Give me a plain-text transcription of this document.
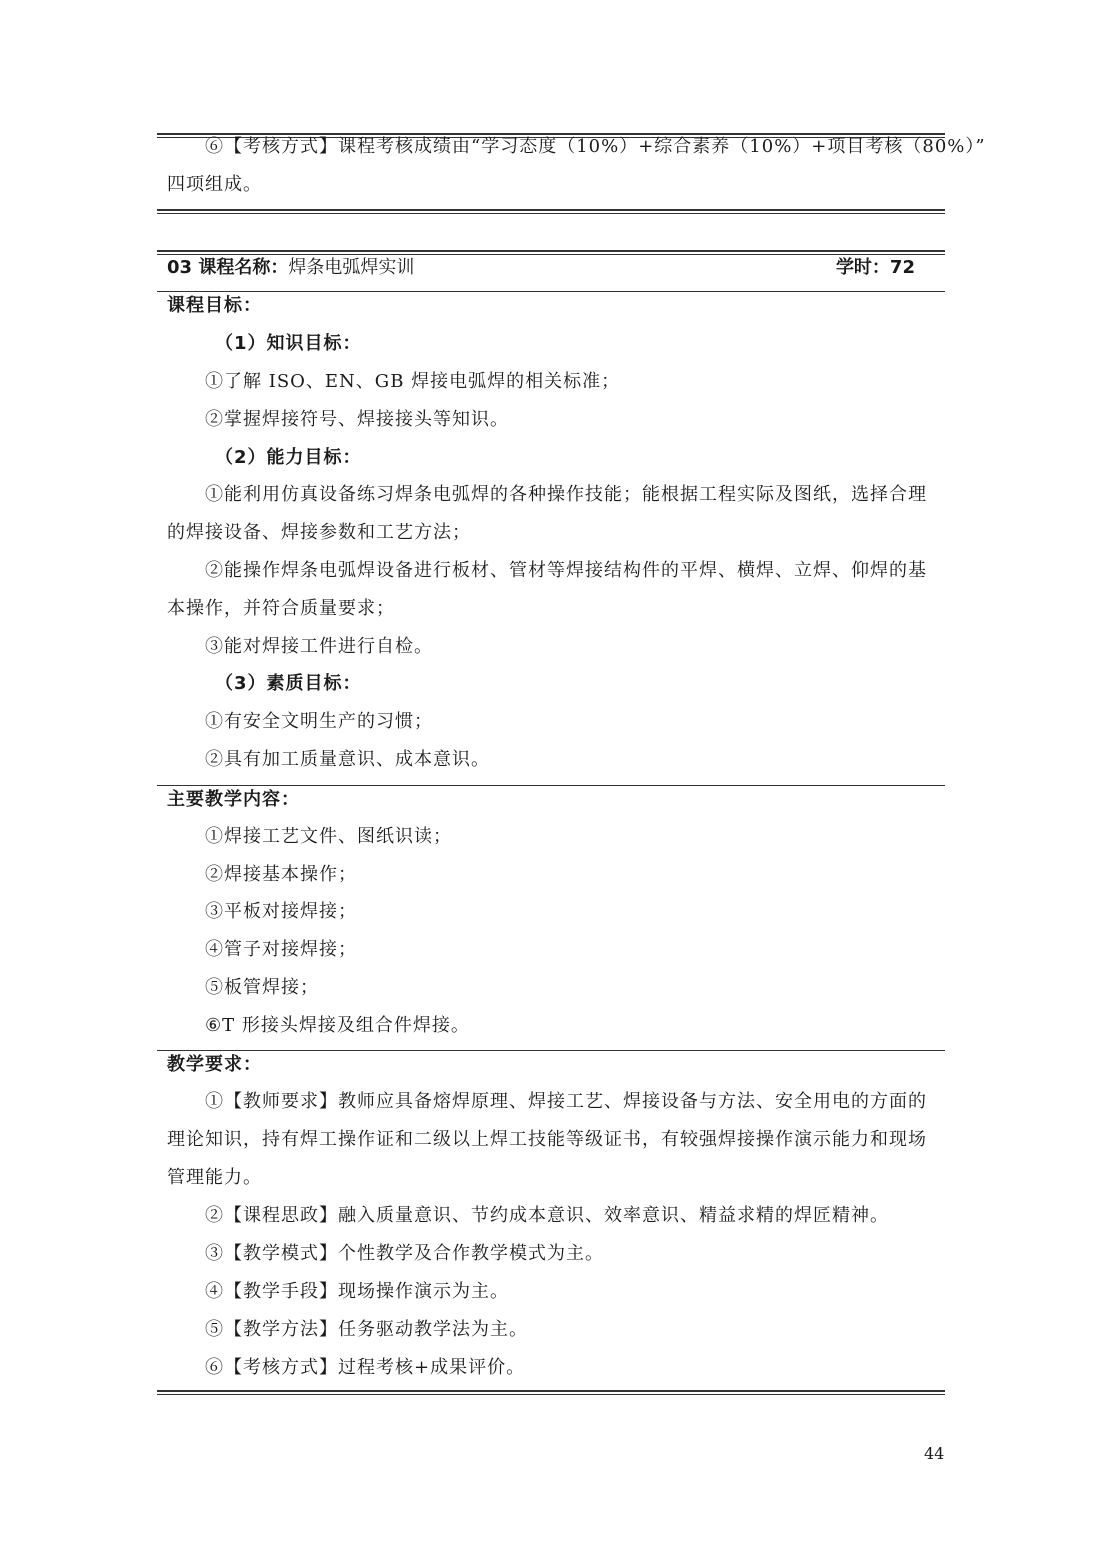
⑥【考核方式】课程考核成绩由“学习态度（10%）+综合素养（10%）+项目考核（80%）”
四项组成。
03 课程名称：焊条电弧焊实训	学时：72
课程目标：
（1）知识目标：
①了解 ISO、EN、GB 焊接电弧焊的相关标准；
②掌握焊接符号、焊接接头等知识。
（2）能力目标：
①能利用仿真设备练习焊条电弧焊的各种操作技能；能根据工程实际及图纸，选择合理
的焊接设备、焊接参数和工艺方法；
②能操作焊条电弧焊设备进行板材、管材等焊接结构件的平焊、横焊、立焊、仰焊的基
本操作，并符合质量要求；
③能对焊接工件进行自检。
（3）素质目标：
①有安全文明生产的习惯；
②具有加工质量意识、成本意识。
主要教学内容：
①焊接工艺文件、图纸识读；
②焊接基本操作；
③平板对接焊接；
④管子对接焊接；
⑤板管焊接；
⑥T 形接头焊接及组合件焊接。
教学要求：
①【教师要求】教师应具备熔焊原理、焊接工艺、焊接设备与方法、安全用电的方面的
理论知识，持有焊工操作证和二级以上焊工技能等级证书，有较强焊接操作演示能力和现场
管理能力。
②【课程思政】融入质量意识、节约成本意识、效率意识、精益求精的焊匠精神。
③【教学模式】个性教学及合作教学模式为主。
④【教学手段】现场操作演示为主。
⑤【教学方法】任务驱动教学法为主。
⑥【考核方式】过程考核+成果评价。
44
